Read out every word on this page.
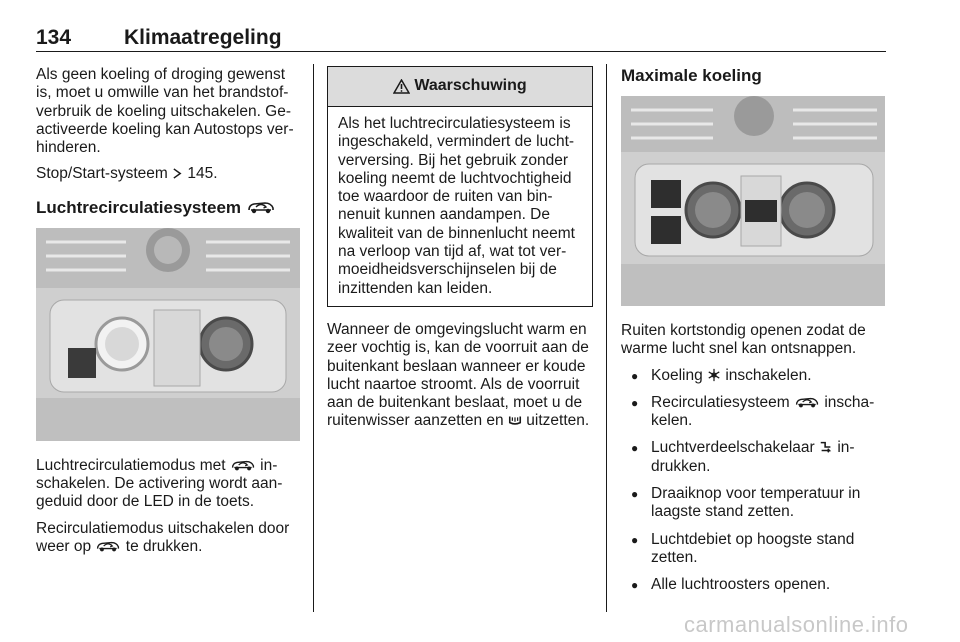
134	Klimaatregeling

Als geen koeling of droging gewenst is, moet u omwille van het brandstof-verbruik de koeling uitschakelen. Ge-activeerde koeling kan Autostops ver-hinderen.

Stop/Start-systeem 145.

Luchtrecirculatiesysteem

Luchtrecirculatiemodus met in-schakelen. De activering wordt aan-geduid door de LED in de toets.

Recirculatiemodus uitschakelen door weer op te drukken.

Waarschuwing
Als het luchtrecirculatiesysteem is ingeschakeld, vermindert de lucht-verversing. Bij het gebruik zonder koeling neemt de luchtvochtigheid toe waardoor de ruiten van bin-nenuit kunnen aandampen. De kwaliteit van de binnenlucht neemt na verloop van tijd af, wat tot ver-moeidheidsverschijnselen bij de inzittenden kan leiden.

Wanneer de omgevingslucht warm en zeer vochtig is, kan de voorruit aan de buitenkant beslaan wanneer er koude lucht naartoe stroomt. Als de voorruit aan de buitenkant beslaat, moet u de ruitenwisser aanzetten en uitzetten.

Maximale koeling

Ruiten kortstondig openen zodat de warme lucht snel kan ontsnappen.

● Koeling inschakelen.
● Recirculatiesysteem inscha-kelen.
● Luchtverdeelschakelaar in-drukken.
● Draaiknop voor temperatuur in laagste stand zetten.
● Luchtdebiet op hoogste stand zetten.
● Alle luchtroosters openen.
carmanualsonline.info
